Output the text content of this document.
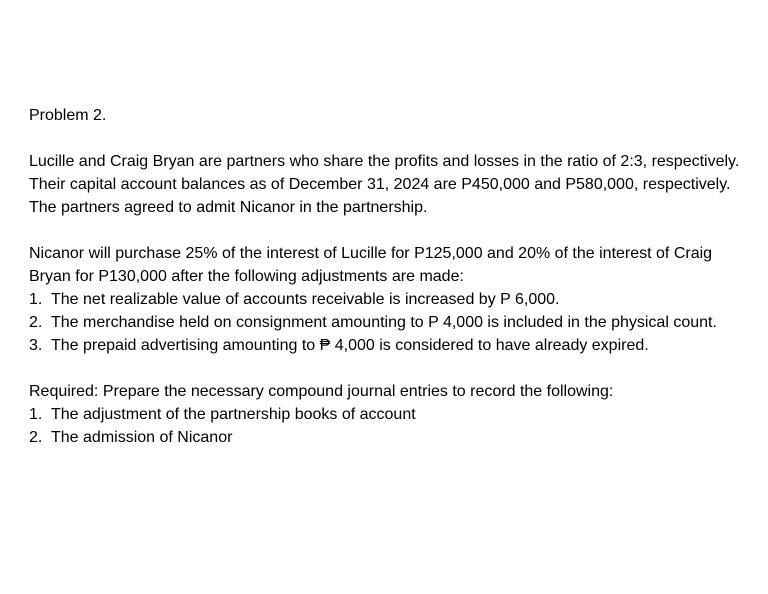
Problem 2.

Lucille and Craig Bryan are partners who share the profits and losses in the ratio of 2:3, respectively. Their capital account balances as of December 31, 2024 are P450,000 and P580,000, respectively. The partners agreed to admit Nicanor in the partnership.

Nicanor will purchase 25% of the interest of Lucille for P125,000 and 20% of the interest of Craig Bryan for P130,000 after the following adjustments are made:

1. The net realizable value of accounts receivable is increased by P 6,000.
2. The merchandise held on consignment amounting to P 4,000 is included in the physical count.
3. The prepaid advertising amounting to ₱ 4,000 is considered to have already expired.

Required: Prepare the necessary compound journal entries to record the following:

1. The adjustment of the partnership books of account
2. The admission of Nicanor
